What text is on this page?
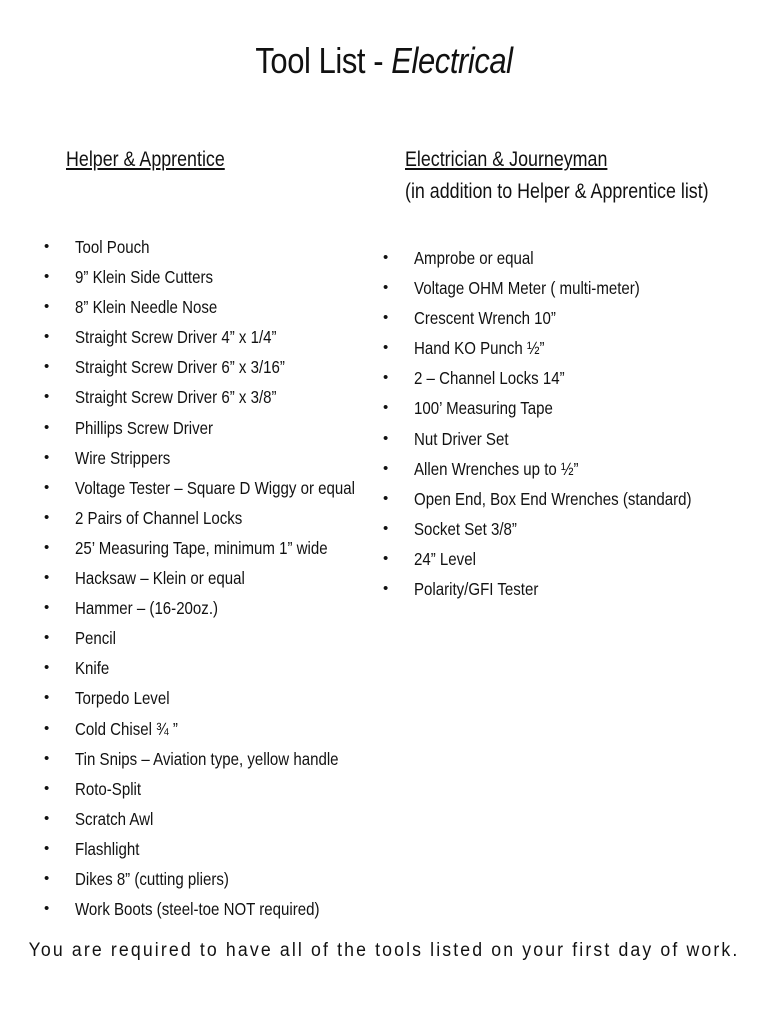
Tool List - Electrical
Helper & Apprentice	Electrician & Journeyman
(in addition to Helper & Apprentice list)
• Tool Pouch
• 9” Klein Side Cutters
• 8” Klein Needle Nose
• Straight Screw Driver 4” x 1/4”
• Straight Screw Driver 6” x 3/16”
• Straight Screw Driver 6” x 3/8”
• Phillips Screw Driver
• Wire Strippers
• Voltage Tester – Square D Wiggy or equal
• 2 Pairs of Channel Locks
• 25’ Measuring Tape, minimum 1” wide
• Hacksaw – Klein or equal
• Hammer – (16-20oz.)
• Pencil
• Knife
• Torpedo Level
• Cold Chisel ¾ ”
• Tin Snips – Aviation type, yellow handle
• Roto-Split
• Scratch Awl
• Flashlight
• Dikes 8” (cutting pliers)
• Work Boots (steel-toe NOT required)
• Amprobe or equal
• Voltage OHM Meter ( multi-meter)
• Crescent Wrench 10”
• Hand KO Punch ½”
• 2 – Channel Locks 14”
• 100’ Measuring Tape
• Nut Driver Set
• Allen Wrenches up to ½”
• Open End, Box End Wrenches (standard)
• Socket Set 3/8”
• 24” Level
• Polarity/GFI Tester
You are required to have all of the tools listed on your first day of work.
